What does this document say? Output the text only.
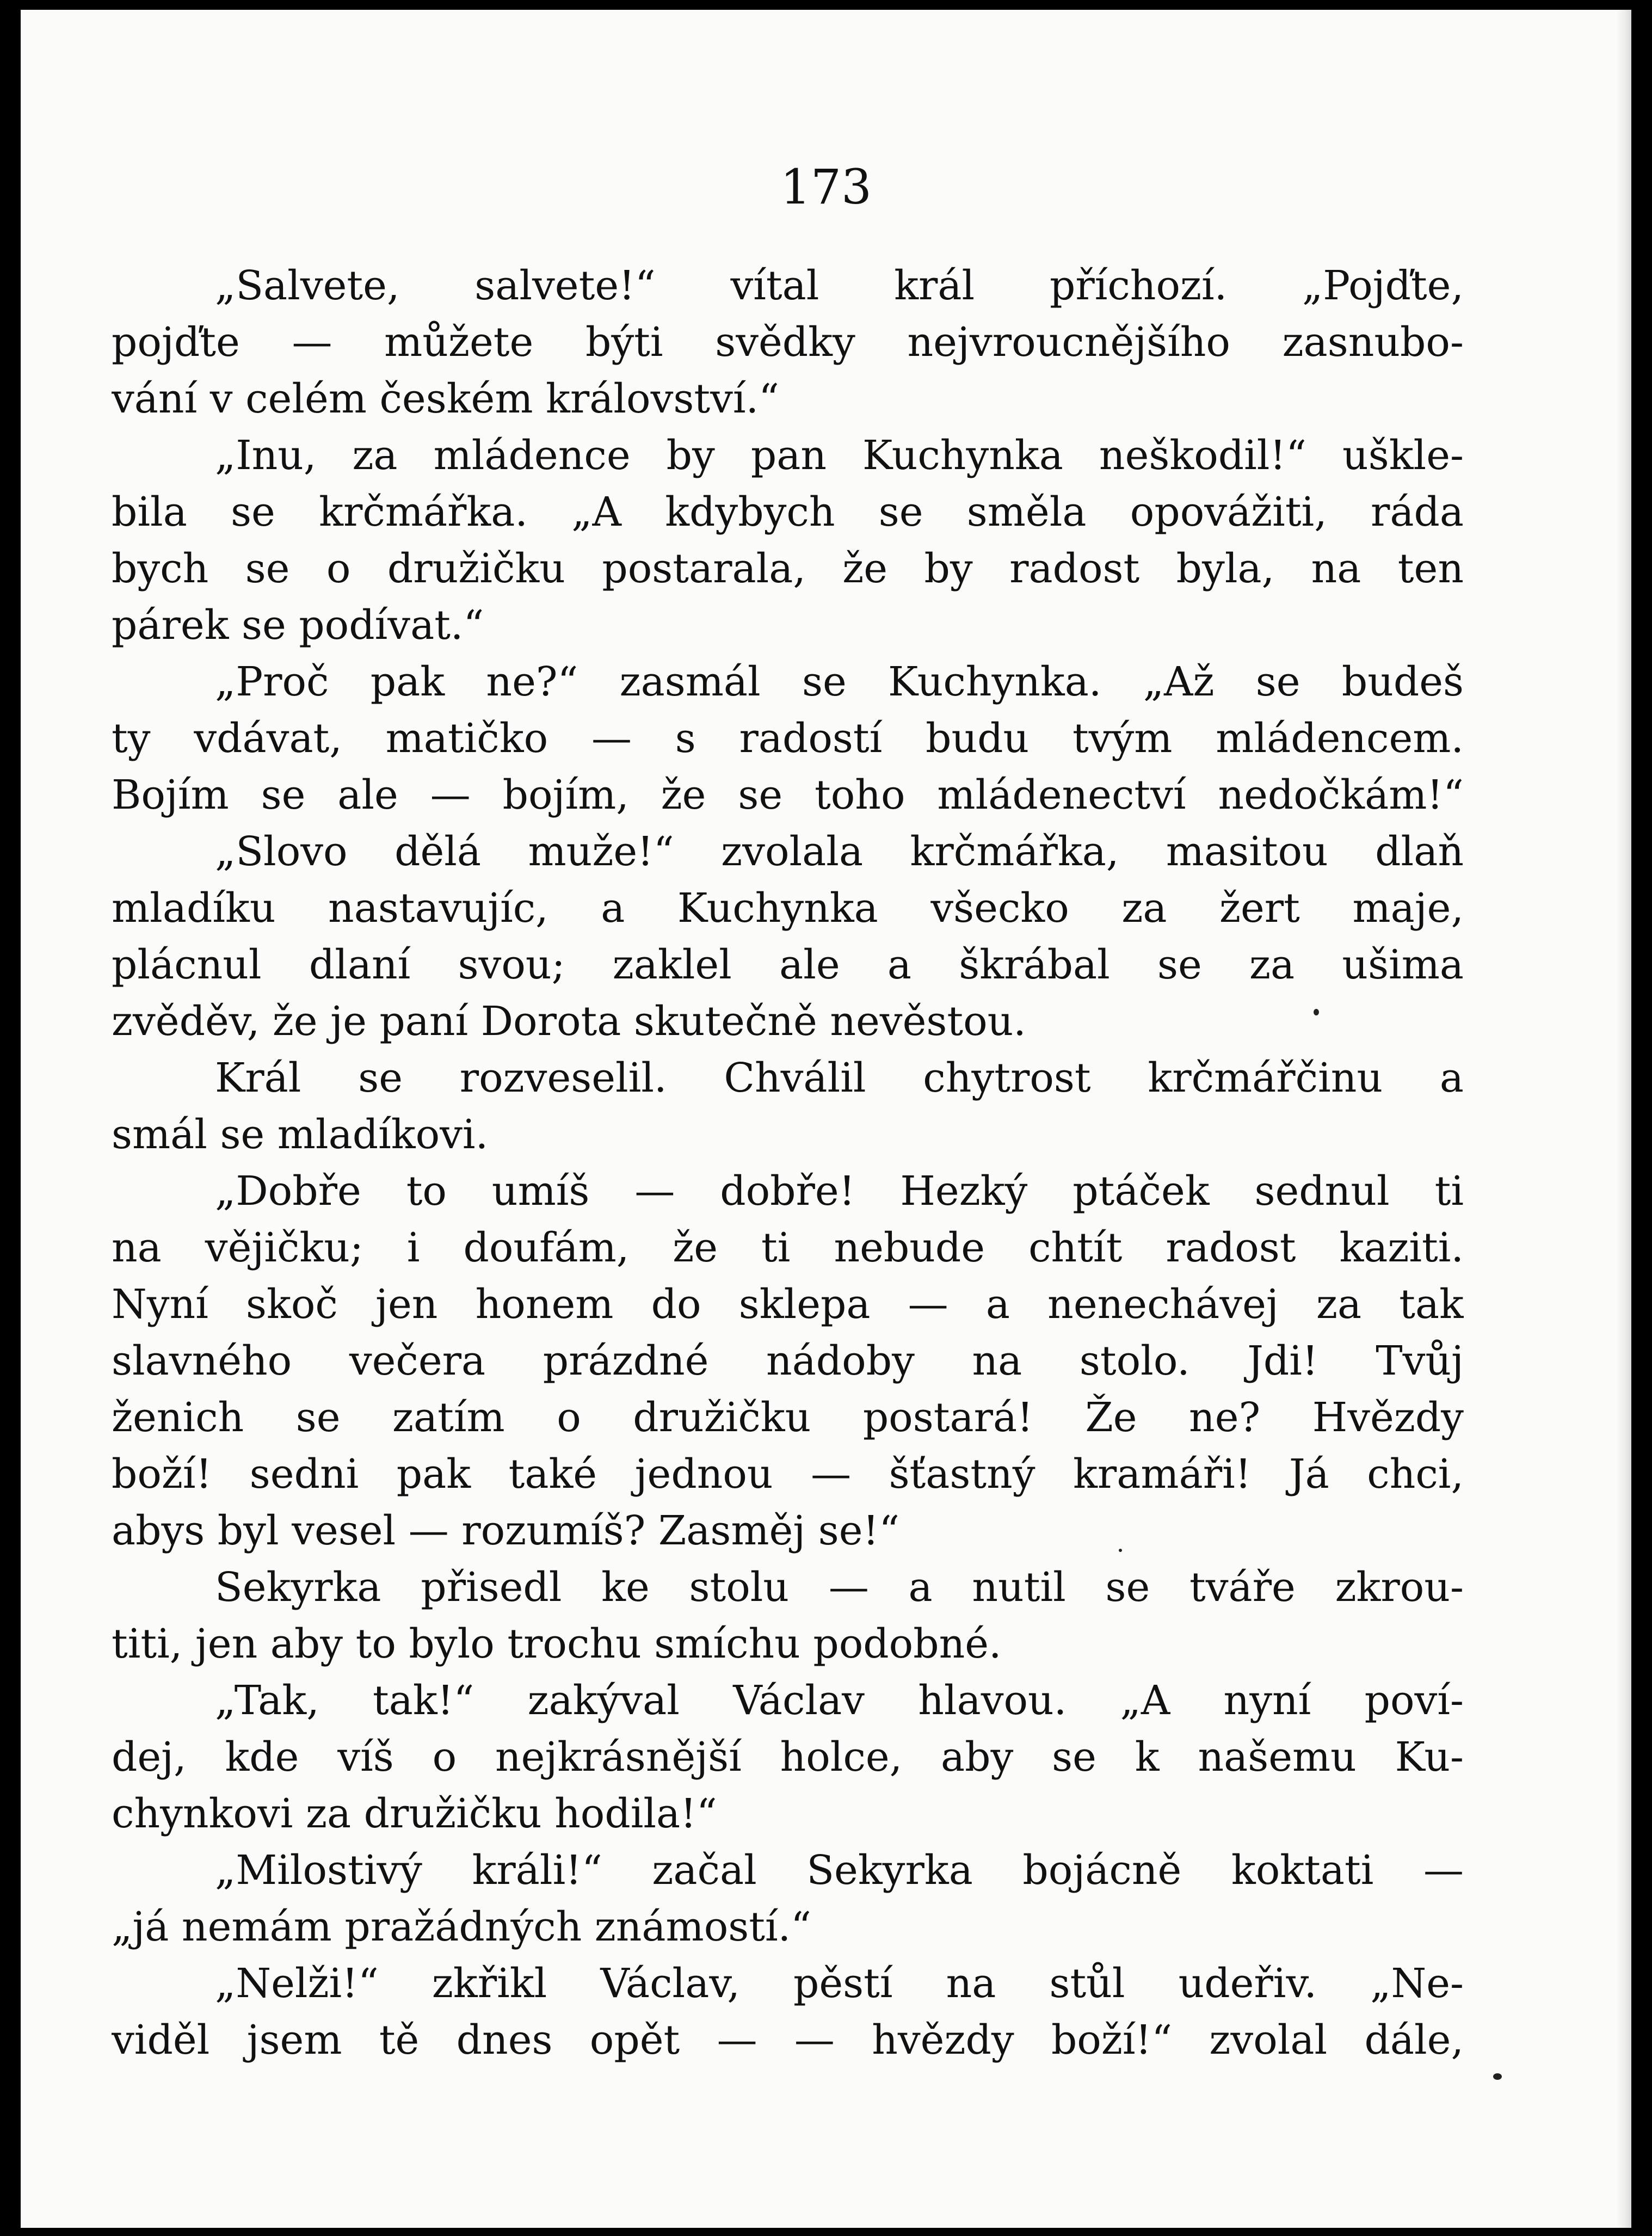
173
„Salvete, salvete!“ vítal král příchozí. „Pojďte,
pojďte — můžete býti svědky nejvroucnějšího zasnubo-
vání v celém českém království.“
„Inu, za mládence by pan Kuchynka neškodil!“ uškle-
bila se krčmářka. „A kdybych se směla opovážiti, ráda
bych se o družičku postarala, že by radost byla, na ten
párek se podívat.“
„Proč pak ne?“ zasmál se Kuchynka. „Až se budeš
ty vdávat, matičko — s radostí budu tvým mládencem.
Bojím se ale — bojím, že se toho mládenectví nedočkám!“
„Slovo dělá muže!“ zvolala krčmářka, masitou dlaň
mladíku nastavujíc, a Kuchynka všecko za žert maje,
plácnul dlaní svou; zaklel ale a škrábal se za ušima
zvěděv, že je paní Dorota skutečně nevěstou.
Král se rozveselil. Chválil chytrost krčmářčinu a
smál se mladíkovi.
„Dobře to umíš — dobře! Hezký ptáček sednul ti
na vějičku; i doufám, že ti nebude chtít radost kaziti.
Nyní skoč jen honem do sklepa — a nenechávej za tak
slavného večera prázdné nádoby na stolo. Jdi! Tvůj
ženich se zatím o družičku postará! Že ne? Hvězdy
boží! sedni pak také jednou — šťastný kramáři! Já chci,
abys byl vesel — rozumíš? Zasměj se!“
Sekyrka přisedl ke stolu — a nutil se tváře zkrou-
titi, jen aby to bylo trochu smíchu podobné.
„Tak, tak!“ zakýval Václav hlavou. „A nyní poví-
dej, kde víš o nejkrásnější holce, aby se k našemu Ku-
chynkovi za družičku hodila!“
„Milostivý králi!“ začal Sekyrka bojácně koktati —
„já nemám pražádných známostí.“
„Nelži!“ zkřikl Václav, pěstí na stůl udeřiv. „Ne-
viděl jsem tě dnes opět — — hvězdy boží!“ zvolal dále,
